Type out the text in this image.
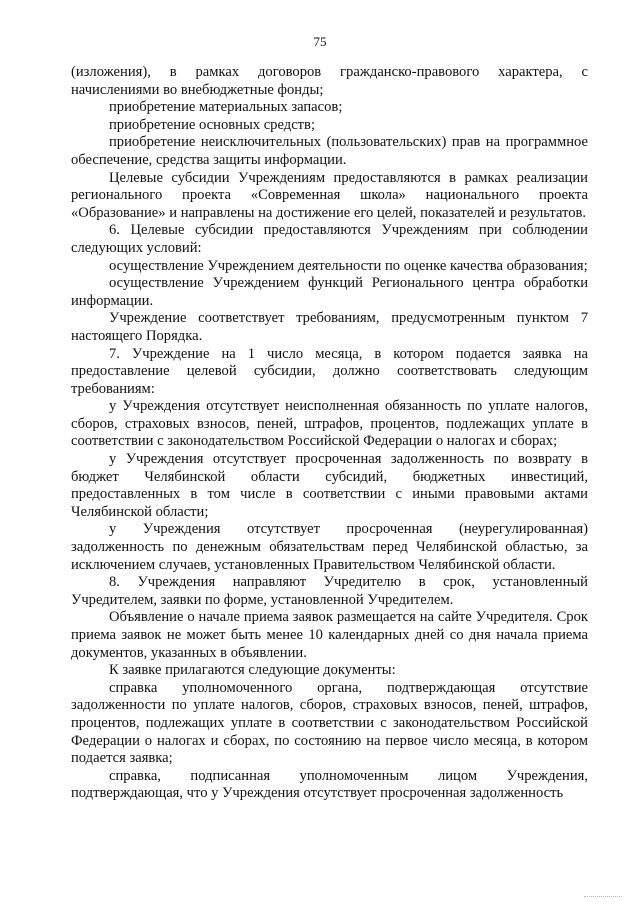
75

(изложения), в рамках договоров гражданско-правового характера, с начислениями во внебюджетные фонды;

приобретение материальных запасов;

приобретение основных средств;

приобретение неисключительных (пользовательских) прав на программное обеспечение, средства защиты информации.

Целевые субсидии Учреждениям предоставляются в рамках реализации регионального проекта «Современная школа» национального проекта «Образование» и направлены на достижение его целей, показателей и результатов.

6. Целевые субсидии предоставляются Учреждениям при соблюдении следующих условий:

осуществление Учреждением деятельности по оценке качества образования;

осуществление Учреждением функций Регионального центра обработки информации.

Учреждение соответствует требованиям, предусмотренным пунктом 7 настоящего Порядка.

7. Учреждение на 1 число месяца, в котором подается заявка на предоставление целевой субсидии, должно соответствовать следующим требованиям:

у Учреждения отсутствует неисполненная обязанность по уплате налогов, сборов, страховых взносов, пеней, штрафов, процентов, подлежащих уплате в соответствии с законодательством Российской Федерации о налогах и сборах;

у Учреждения отсутствует просроченная задолженность по возврату в бюджет Челябинской области субсидий, бюджетных инвестиций, предоставленных в том числе в соответствии с иными правовыми актами Челябинской области;

у Учреждения отсутствует просроченная (неурегулированная) задолженность по денежным обязательствам перед Челябинской областью, за исключением случаев, установленных Правительством Челябинской области.

8. Учреждения направляют Учредителю в срок, установленный Учредителем, заявки по форме, установленной Учредителем.

Объявление о начале приема заявок размещается на сайте Учредителя. Срок приема заявок не может быть менее 10 календарных дней со дня начала приема документов, указанных в объявлении.

К заявке прилагаются следующие документы:

справка уполномоченного органа, подтверждающая отсутствие задолженности по уплате налогов, сборов, страховых взносов, пеней, штрафов, процентов, подлежащих уплате в соответствии с законодательством Российской Федерации о налогах и сборах, по состоянию на первое число месяца, в котором подается заявка;

справка, подписанная уполномоченным лицом Учреждения, подтверждающая, что у Учреждения отсутствует просроченная задолженность
